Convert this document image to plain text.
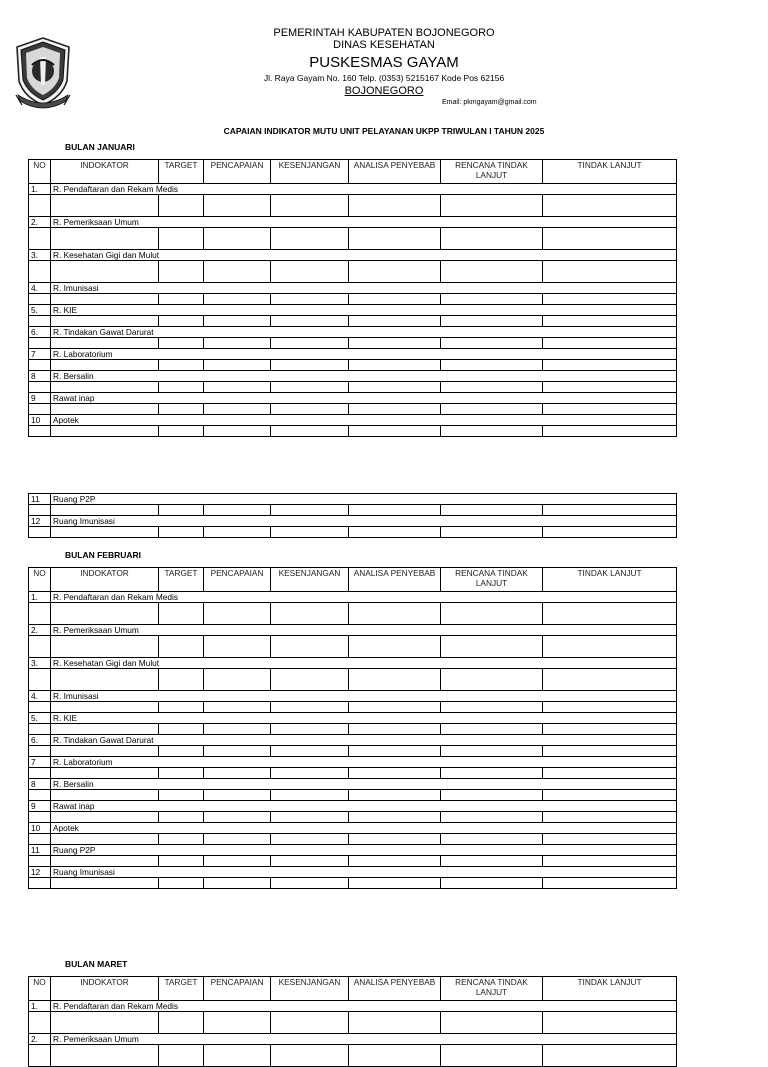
PEMERINTAH KABUPATEN BOJONEGORO
DINAS KESEHATAN
PUSKESMAS GAYAM
Jl. Raya Gayam No. 160 Telp. (0353) 5215167 Kode Pos 62156
BOJONEGORO
Email: pkmgayam@gmail.com
CAPAIAN INDIKATOR MUTU UNIT PELAYANAN UKPP TRIWULAN I TAHUN 2025
BULAN JANUARI
NO	INDOKATOR	TARGET	PENCAPAIAN	KESENJANGAN	ANALISA PENYEBAB	RENCANA TINDAK LANJUT	TINDAK LANJUT
1.	R. Pendaftaran dan Rekam Medis						

2.	R. Pemeriksaan Umum						

3.	R. Kesehatan Gigi dan Mulut						

4.	R. Imunisasi						

5.	R. KIE						

6.	R. Tindakan Gawat Darurat						

7	R. Laboratorium						

8	R. Bersalin						

9	Rawat inap						

10	Apotek						

11	Ruang P2P						

12	Ruang Imunisasi						

BULAN FEBRUARI
NO	INDOKATOR	TARGET	PENCAPAIAN	KESENJANGAN	ANALISA PENYEBAB	RENCANA TINDAK LANJUT	TINDAK LANJUT
1.	R. Pendaftaran dan Rekam Medis						

2.	R. Pemeriksaan Umum						

3.	R. Kesehatan Gigi dan Mulut						

4.	R. Imunisasi						

5.	R. KIE						

6.	R. Tindakan Gawat Darurat						

7	R. Laboratorium						

8	R. Bersalin						

9	Rawat inap						

10	Apotek						

11	Ruang P2P						

12	Ruang Imunisasi						

BULAN MARET
NO	INDOKATOR	TARGET	PENCAPAIAN	KESENJANGAN	ANALISA PENYEBAB	RENCANA TINDAK LANJUT	TINDAK LANJUT
1.	R. Pendaftaran dan Rekam Medis						

2.	R. Pemeriksaan Umum						
